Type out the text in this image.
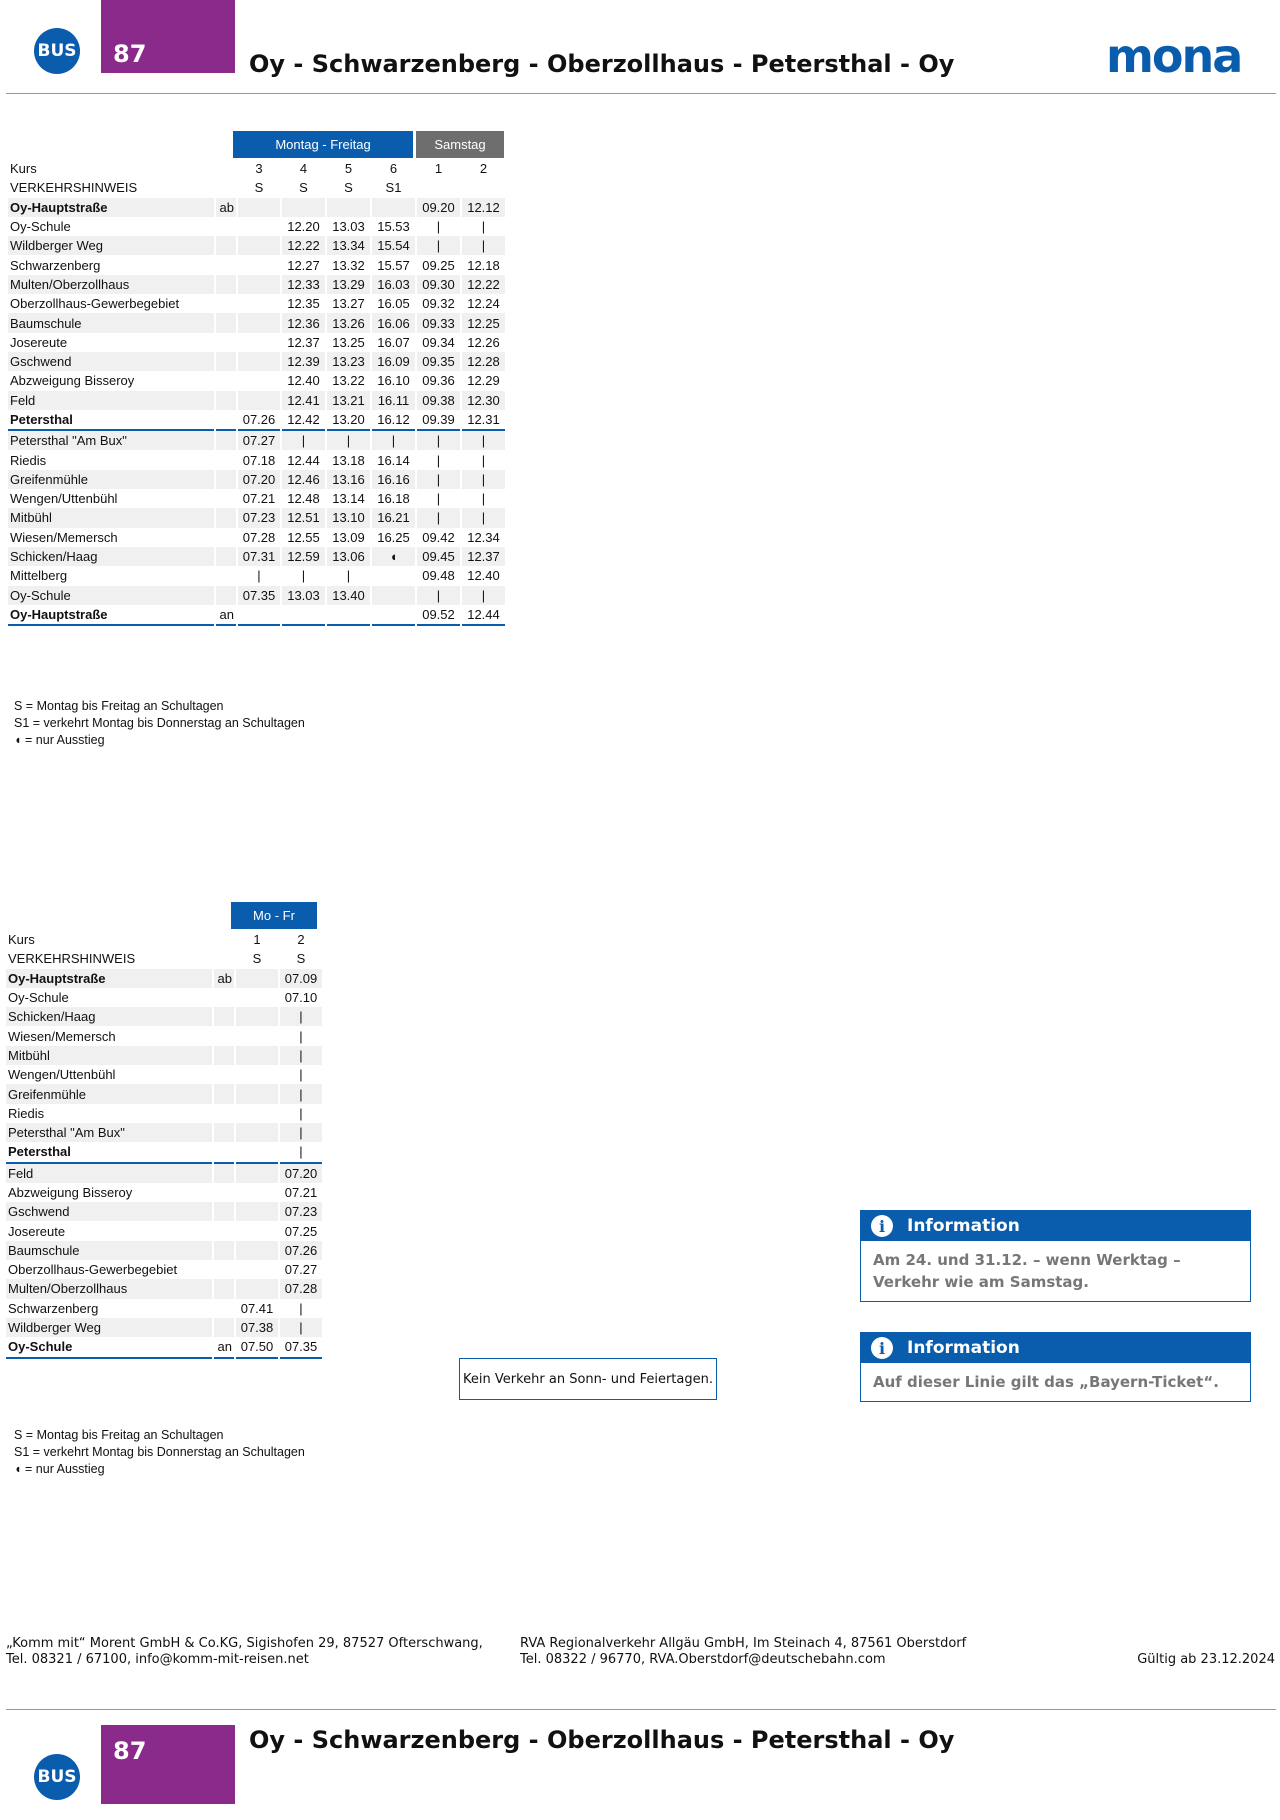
BUS 87	Oy - Schwarzenberg - Oberzollhaus - Petersthal - Oy	mona
Montag - Freitag	Samstag
Kurs		3	4	5	6	1	2
VERKEHRSHINWEIS		S	S	S	S1		
Oy-Hauptstraße	ab					09.20	12.12
Oy-Schule			12.20	13.03	15.53	|	|
Wildberger Weg			12.22	13.34	15.54	|	|
Schwarzenberg			12.27	13.32	15.57	09.25	12.18
Multen/Oberzollhaus			12.33	13.29	16.03	09.30	12.22
Oberzollhaus-Gewerbegebiet			12.35	13.27	16.05	09.32	12.24
Baumschule			12.36	13.26	16.06	09.33	12.25
Josereute			12.37	13.25	16.07	09.34	12.26
Gschwend			12.39	13.23	16.09	09.35	12.28
Abzweigung Bisseroy			12.40	13.22	16.10	09.36	12.29
Feld			12.41	13.21	16.11	09.38	12.30
Petersthal		07.26	12.42	13.20	16.12	09.39	12.31
Petersthal "Am Bux"		07.27	|	|	|	|	|
Riedis		07.18	12.44	13.18	16.14	|	|
Greifenmühle		07.20	12.46	13.16	16.16	|	|
Wengen/Uttenbühl		07.21	12.48	13.14	16.18	|	|
Mitbühl		07.23	12.51	13.10	16.21	|	|
Wiesen/Memersch		07.28	12.55	13.09	16.25	09.42	12.34
Schicken/Haag		07.31	12.59	13.06	◖	09.45	12.37
Mittelberg		|	|	|		09.48	12.40
Oy-Schule		07.35	13.03	13.40		|	|
Oy-Hauptstraße	an					09.52	12.44
S = Montag bis Freitag an Schultagen
S1 = verkehrt Montag bis Donnerstag an Schultagen
◖ = nur Ausstieg
Mo - Fr
Kurs		1	2
VERKEHRSHINWEIS		S	S
Oy-Hauptstraße	ab		07.09
Oy-Schule			07.10
Schicken/Haag			|
Wiesen/Memersch			|
Mitbühl			|
Wengen/Uttenbühl			|
Greifenmühle			|
Riedis			|
Petersthal "Am Bux"			|
Petersthal			|
Feld			07.20
Abzweigung Bisseroy			07.21
Gschwend			07.23
Josereute			07.25
Baumschule			07.26
Oberzollhaus-Gewerbegebiet			07.27
Multen/Oberzollhaus			07.28
Schwarzenberg		07.41	|
Wildberger Weg		07.38	|
Oy-Schule	an	07.50	07.35
S = Montag bis Freitag an Schultagen
S1 = verkehrt Montag bis Donnerstag an Schultagen
◖ = nur Ausstieg
Kein Verkehr an Sonn- und Feiertagen.
i	Information
Am 24. und 31.12. – wenn Werktag – Verkehr wie am Samstag.
i	Information
Auf dieser Linie gilt das „Bayern-Ticket“.
„Komm mit“ Morent GmbH & Co.KG, Sigishofen 29, 87527 Ofterschwang,
Tel. 08321 / 67100, info@komm-mit-reisen.net
RVA Regionalverkehr Allgäu GmbH, Im Steinach 4, 87561 Oberstdorf
Tel. 08322 / 96770, RVA.Oberstdorf@deutschebahn.com	Gültig ab 23.12.2024
BUS
87	Oy - Schwarzenberg - Oberzollhaus - Petersthal - Oy
